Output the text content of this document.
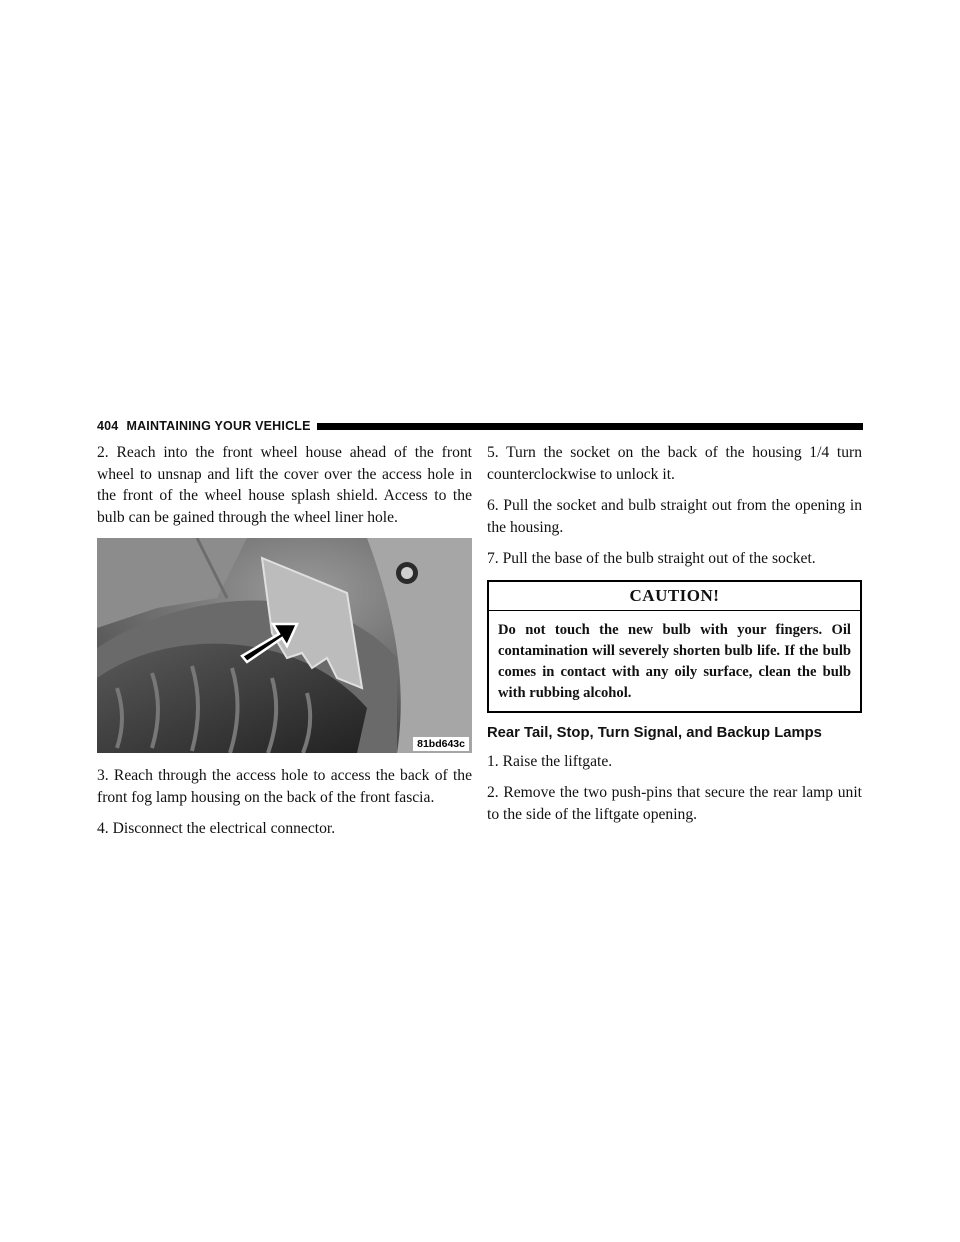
404 MAINTAINING YOUR VEHICLE

2. Reach into the front wheel house ahead of the front wheel to unsnap and lift the cover over the access hole in the front of the wheel house splash shield. Access to the bulb can be gained through the wheel liner hole.

81bd643c

3. Reach through the access hole to access the back of the front fog lamp housing on the back of the front fascia.

4. Disconnect the electrical connector.

5. Turn the socket on the back of the housing 1/4 turn counterclockwise to unlock it.

6. Pull the socket and bulb straight out from the opening in the housing.

7. Pull the base of the bulb straight out of the socket.

CAUTION!
Do not touch the new bulb with your fingers. Oil contamination will severely shorten bulb life. If the bulb comes in contact with any oily surface, clean the bulb with rubbing alcohol.
Rear Tail, Stop, Turn Signal, and Backup Lamps

1. Raise the liftgate.

2. Remove the two push-pins that secure the rear lamp unit to the side of the liftgate opening.
